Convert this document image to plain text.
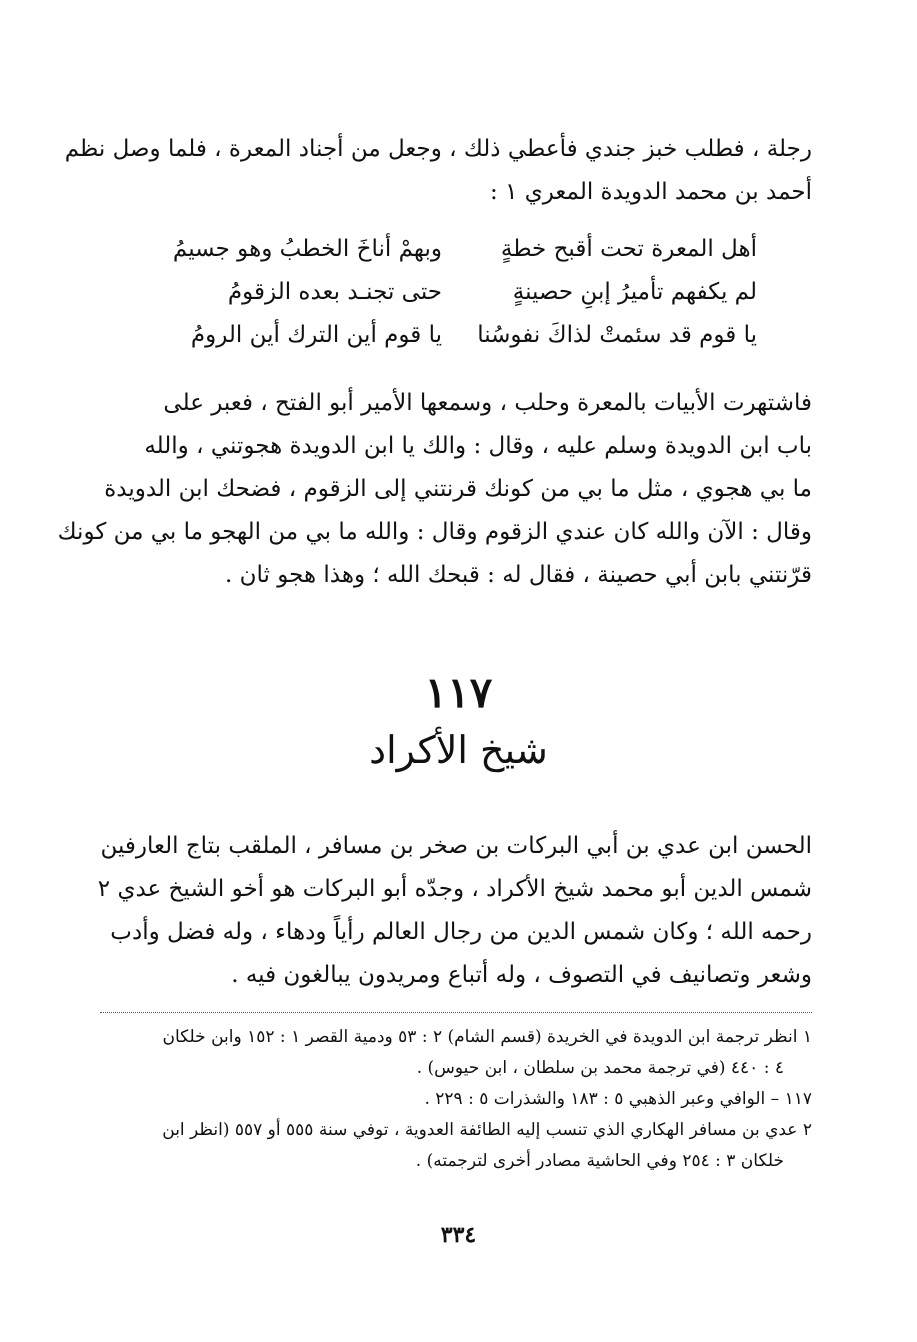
رجلة ، فطلب خبز جندي فأعطي ذلك ، وجعل من أجناد المعرة ، فلما وصل نظم
أحمد بن محمد الدويدة المعري ١ :
أهل المعرة تحت أقبح خطةٍ
وبهمْ أناخَ الخطبُ وهو جسيمُ
لم يكفهم تأميرُ إبنِ حصينةٍ
حتى تجنـد بعده الزقومُ
يا قوم قد سئمتْ لذاكَ نفوسُنا
يا قوم أين الترك أين الرومُ
فاشتهرت الأبيات بالمعرة وحلب ، وسمعها الأمير أبو الفتح ، فعبر على
باب ابن الدويدة وسلم عليه ، وقال : والك يا ابن الدويدة هجوتني ، والله
ما بي هجوي ، مثل ما بي من كونك قرنتني إلى الزقوم ، فضحك ابن الدويدة
وقال : الآن والله كان عندي الزقوم وقال : والله ما بي من الهجو ما بي من كونك
قرّنتني بابن أبي حصينة ، فقال له : قبحك الله ؛ وهذا هجو ثان .
١١٧
شيخ الأكراد
الحسن ابن عدي بن أبي البركات بن صخر بن مسافر ، الملقب بتاج العارفين
شمس الدين أبو محمد شيخ الأكراد ، وجدّه أبو البركات هو أخو الشيخ عدي ٢
رحمه الله ؛ وكان شمس الدين من رجال العالم رأياً ودهاء ، وله فضل وأدب
وشعر وتصانيف في التصوف ، وله أتباع ومريدون يبالغون فيه .
١ انظر ترجمة ابن الدويدة في الخريدة (قسم الشام) ٢ : ٥٣ ودمية القصر ١ : ١٥٢ وابن خلكان
٤ : ٤٤٠ (في ترجمة محمد بن سلطان ، ابن حيوس) .
١١٧ – الوافي وعبر الذهبي ٥ : ١٨٣ والشذرات ٥ : ٢٢٩ .
٢ عدي بن مسافر الهكاري الذي تنسب إليه الطائفة العدوية ، توفي سنة ٥٥٥ أو ٥٥٧ (انظر ابن
خلكان ٣ : ٢٥٤ وفي الحاشية مصادر أخرى لترجمته) .
٣٣٤
